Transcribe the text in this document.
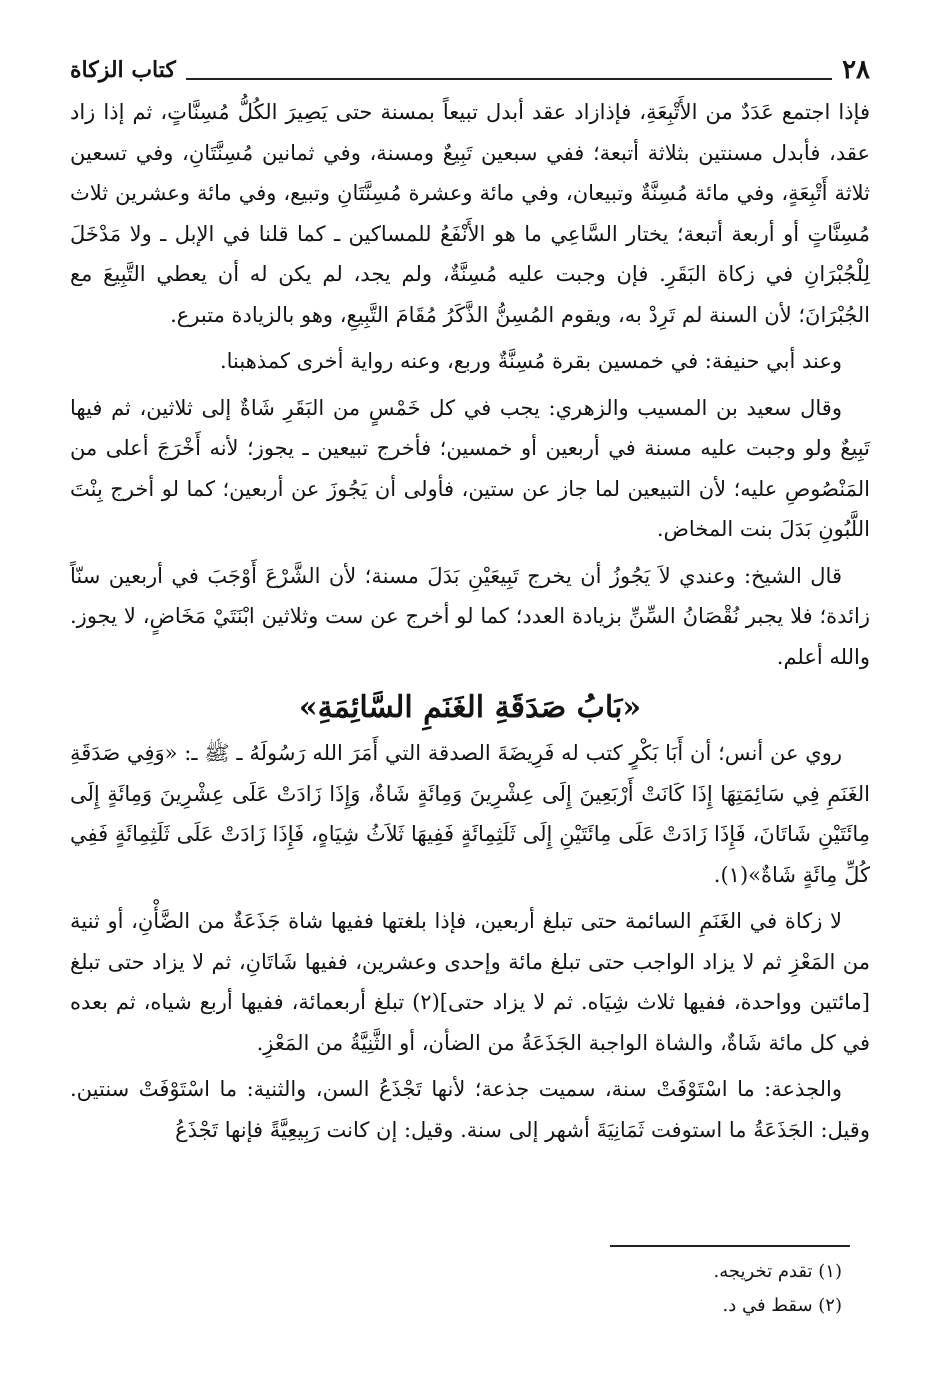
٢٨
كتاب الزكاة

فإذا اجتمع عَدَدٌ من الأَتْبِعَةِ، فإذازاد عقد أبدل تبيعاً بمسنة حتى يَصِيرَ الكُلُّ مُسِنَّاتٍ، ثم إذا زاد عقد، فأبدل مسنتين بثلاثة أتبعة؛ ففي سبعين تَبِيعٌ ومسنة، وفي ثمانين مُسِنَّتَانِ، وفي تسعين ثلاثة أَتْبِعَةٍ، وفي مائة مُسِنَّةٌ وتبيعان، وفي مائة وعشرة مُسِنَّتَانِ وتبيع، وفي مائة وعشرين ثلاث مُسِنَّاتٍ أو أربعة أتبعة؛ يختار السَّاعِي ما هو الأَنْفَعُ للمساكين ـ كما قلنا في الإبل ـ ولا مَدْخَلَ لِلْجُبْرَانِ في زكاة البَقَرِ. فإن وجبت عليه مُسِنَّةٌ، ولم يجد، لم يكن له أن يعطي التَّبِيعَ مع الجُبْرَانَ؛ لأن السنة لم تَرِدْ به، ويقوم المُسِنُّ الذَّكَرُ مُقَامَ التَّبِيعِ، وهو بالزيادة متبرع.

وعند أبي حنيفة: في خمسين بقرة مُسِنَّةٌ وربع، وعنه رواية أخرى كمذهبنا.

وقال سعيد بن المسيب والزهري: يجب في كل خَمْسٍ من البَقَرِ شَاةٌ إلى ثلاثين، ثم فيها تَبِيعٌ ولو وجبت عليه مسنة في أربعين أو خمسين؛ فأخرج تبيعين ـ يجوز؛ لأنه أَخْرَجَ أعلى من المَنْصُوصِ عليه؛ لأن التبيعين لما جاز عن ستين، فأولى أن يَجُوزَ عن أربعين؛ كما لو أخرج بِنْتَ اللَّبُونِ بَدَلَ بنت المخاض.

قال الشيخ: وعندي لاَ يَجُوزُ أن يخرج تَبِيعَيْنِ بَدَلَ مسنة؛ لأن الشَّرْعَ أَوْجَبَ في أربعين سنّاً زائدة؛ فلا يجبر نُقْصَانُ السِّنِّ بزيادة العدد؛ كما لو أخرج عن ست وثلاثين ابْنَتَيْ مَخَاضٍ، لا يجوز. والله أعلم.

«بَابُ صَدَقَةِ الغَنَمِ السَّائِمَةِ»

روي عن أنس؛ أن أَبَا بَكْرٍ كتب له فَرِيضَةَ الصدقة التي أَمَرَ الله رَسُولَهُ ـ ﷺ ـ: «وَفِي صَدَقَةِ الغَنَمِ فِي سَائِمَتِهَا إِذَا كَانَتْ أَرْبَعِينَ إِلَى عِشْرِينَ وَمِائَةٍ شَاةٌ، وَإِذَا زَادَتْ عَلَى عِشْرِينَ وَمِائَةٍ إِلَى مِائَتَيْنِ شَاتَانَ، فَإِذَا زَادَتْ عَلَى مِائَتَيْنِ إِلَى ثَلَثِمِائَةٍ فَفِيهَا ثَلاَثُ شِيَاهٍ، فَإِذَا زَادَتْ عَلَى ثَلَثِمِائَةٍ فَفِي كُلِّ مِائَةٍ شَاةٌ»(١).

لا زكاة في الغَنَمِ السائمة حتى تبلغ أربعين، فإذا بلغتها ففيها شاة جَذَعَةٌ من الضَّأْنِ، أو ثنية من المَعْزِ ثم لا يزاد الواجب حتى تبلغ مائة وإحدى وعشرين، ففيها شَاتَانِ، ثم لا يزاد حتى تبلغ [مائتين وواحدة، ففيها ثلاث شِيَاه. ثم لا يزاد حتى](٢) تبلغ أربعمائة، ففيها أربع شياه، ثم بعده في كل مائة شَاةٌ، والشاة الواجبة الجَذَعَةُ من الضأن، أو الثَّنِيَّةُ من المَعْزِ.

والجذعة: ما اسْتَوْفَتْ سنة، سميت جذعة؛ لأنها تَجْذَعُ السن، والثنية: ما اسْتَوْفَتْ سنتين. وقيل: الجَذَعَةُ ما استوفت ثَمَانِيَةَ أشهر إلى سنة. وقيل: إن كانت رَبِيعِيَّةً فإنها تَجْذَعُ

(١) تقدم تخريجه.
(٢) سقط في د.
